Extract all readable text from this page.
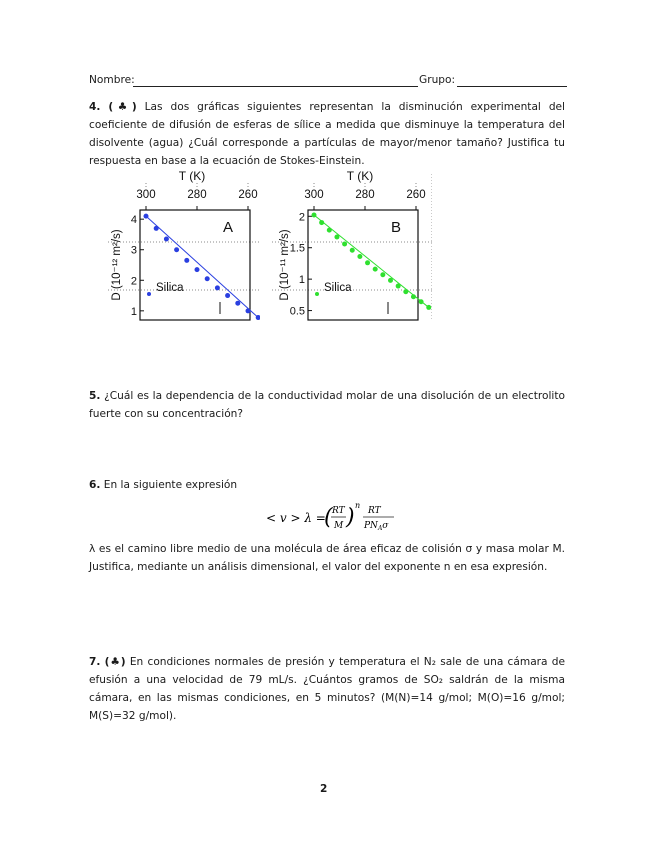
Nombre:	Grupo:
4. (♣) Las dos gráficas siguientes representan la disminución experimental del coeficiente de difusión de esferas de sílice a medida que disminuye la temperatura del disolvente (agua) ¿Cuál corresponde a partículas de mayor/menor tamaño? Justifica tu respuesta en base a la ecuación de Stokes-Einstein.
T (K)
300	280	260
4
3
2
1
D (10⁻¹² m²/s)
A
Silica
T (K)
300	280	260
2
1.5
1
0.5
D (10⁻¹¹ m²/s)
B
Silica
5. ¿Cuál es la dependencia de la conductividad molar de una disolución de un electrolito fuerte con su concentración?
6. En la siguiente expresión
< v > λ =
( RT
M ) n
RT
$PN_A\sigma$
λ es el camino libre medio de una molécula de área eficaz de colisión σ y masa molar M. Justifica, mediante un análisis dimensional, el valor del exponente n en esa expresión.
7. (♣) En condiciones normales de presión y temperatura el N₂ sale de una cámara de efusión a una velocidad de 79 mL/s. ¿Cuántos gramos de SO₂ saldrán de la misma cámara, en las mismas condiciones, en 5 minutos? (M(N)=14 g/mol; M(O)=16 g/mol; M(S)=32 g/mol).
2
